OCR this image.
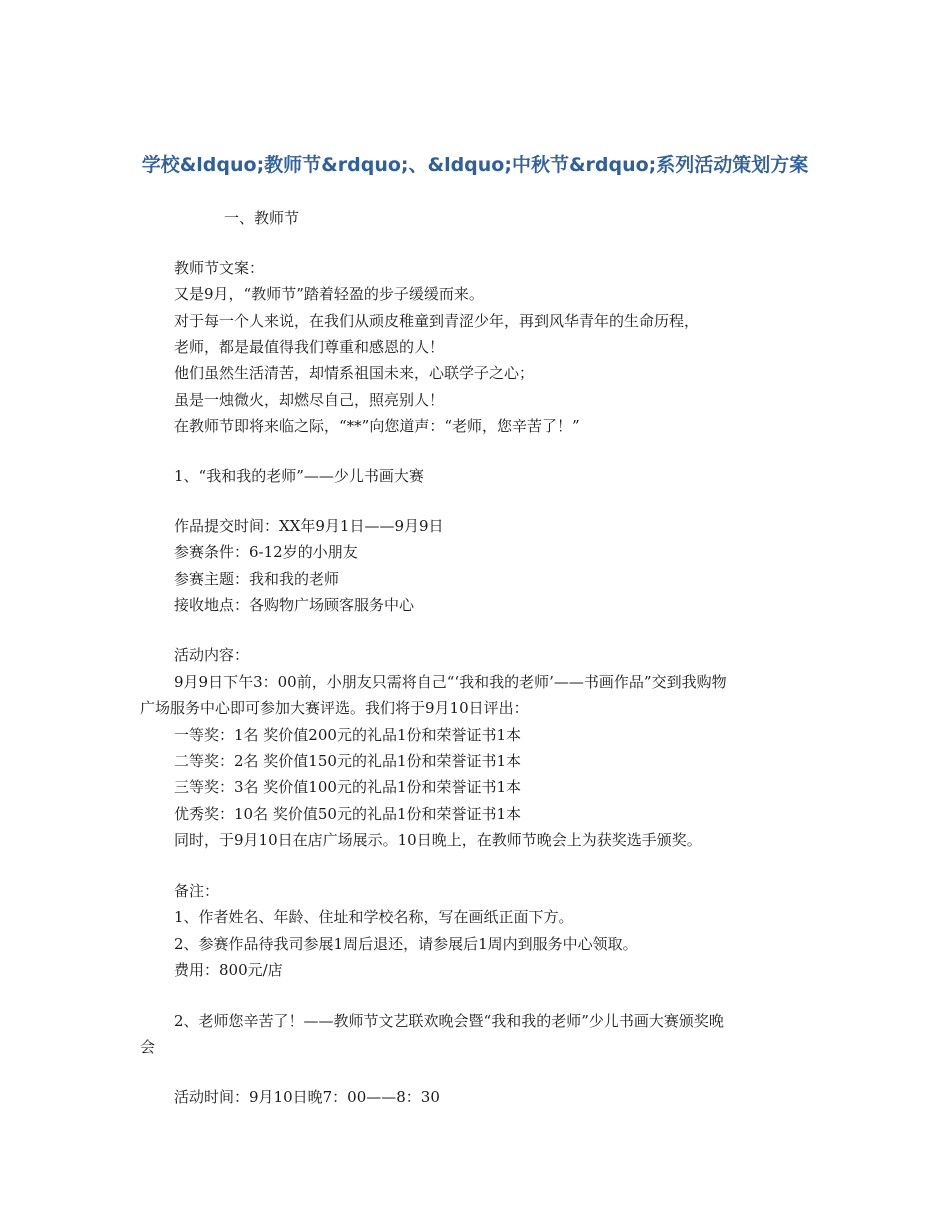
学校&ldquo;教师节&rdquo;、&ldquo;中秋节&rdquo;系列活动策划方案
一、教师节
教师节文案：
又是9月，“教师节”踏着轻盈的步子缓缓而来。
对于每一个人来说，在我们从顽皮稚童到青涩少年，再到风华青年的生命历程，
老师，都是最值得我们尊重和感恩的人！
他们虽然生活清苦，却情系祖国未来，心联学子之心；
虽是一烛微火，却燃尽自己，照亮别人！
在教师节即将来临之际，“**”向您道声：“老师，您辛苦了！”
1、“我和我的老师”——少儿书画大赛
作品提交时间：XX年9月1日——9月9日
参赛条件：6-12岁的小朋友
参赛主题：我和我的老师
接收地点：各购物广场顾客服务中心
活动内容：
9月9日下午3：00前，小朋友只需将自己“‘我和我的老师’——书画作品”交到我购物
广场服务中心即可参加大赛评选。我们将于9月10日评出：
一等奖：1名 奖价值200元的礼品1份和荣誉证书1本
二等奖：2名 奖价值150元的礼品1份和荣誉证书1本
三等奖：3名 奖价值100元的礼品1份和荣誉证书1本
优秀奖：10名 奖价值50元的礼品1份和荣誉证书1本
同时，于9月10日在店广场展示。10日晚上，在教师节晚会上为获奖选手颁奖。
备注：
1、作者姓名、年龄、住址和学校名称，写在画纸正面下方。
2、参赛作品待我司参展1周后退还，请参展后1周内到服务中心领取。
费用：800元/店
2、老师您辛苦了！——教师节文艺联欢晚会暨“我和我的老师”少儿书画大赛颁奖晚
会
活动时间：9月10日晚7：00——8：30
